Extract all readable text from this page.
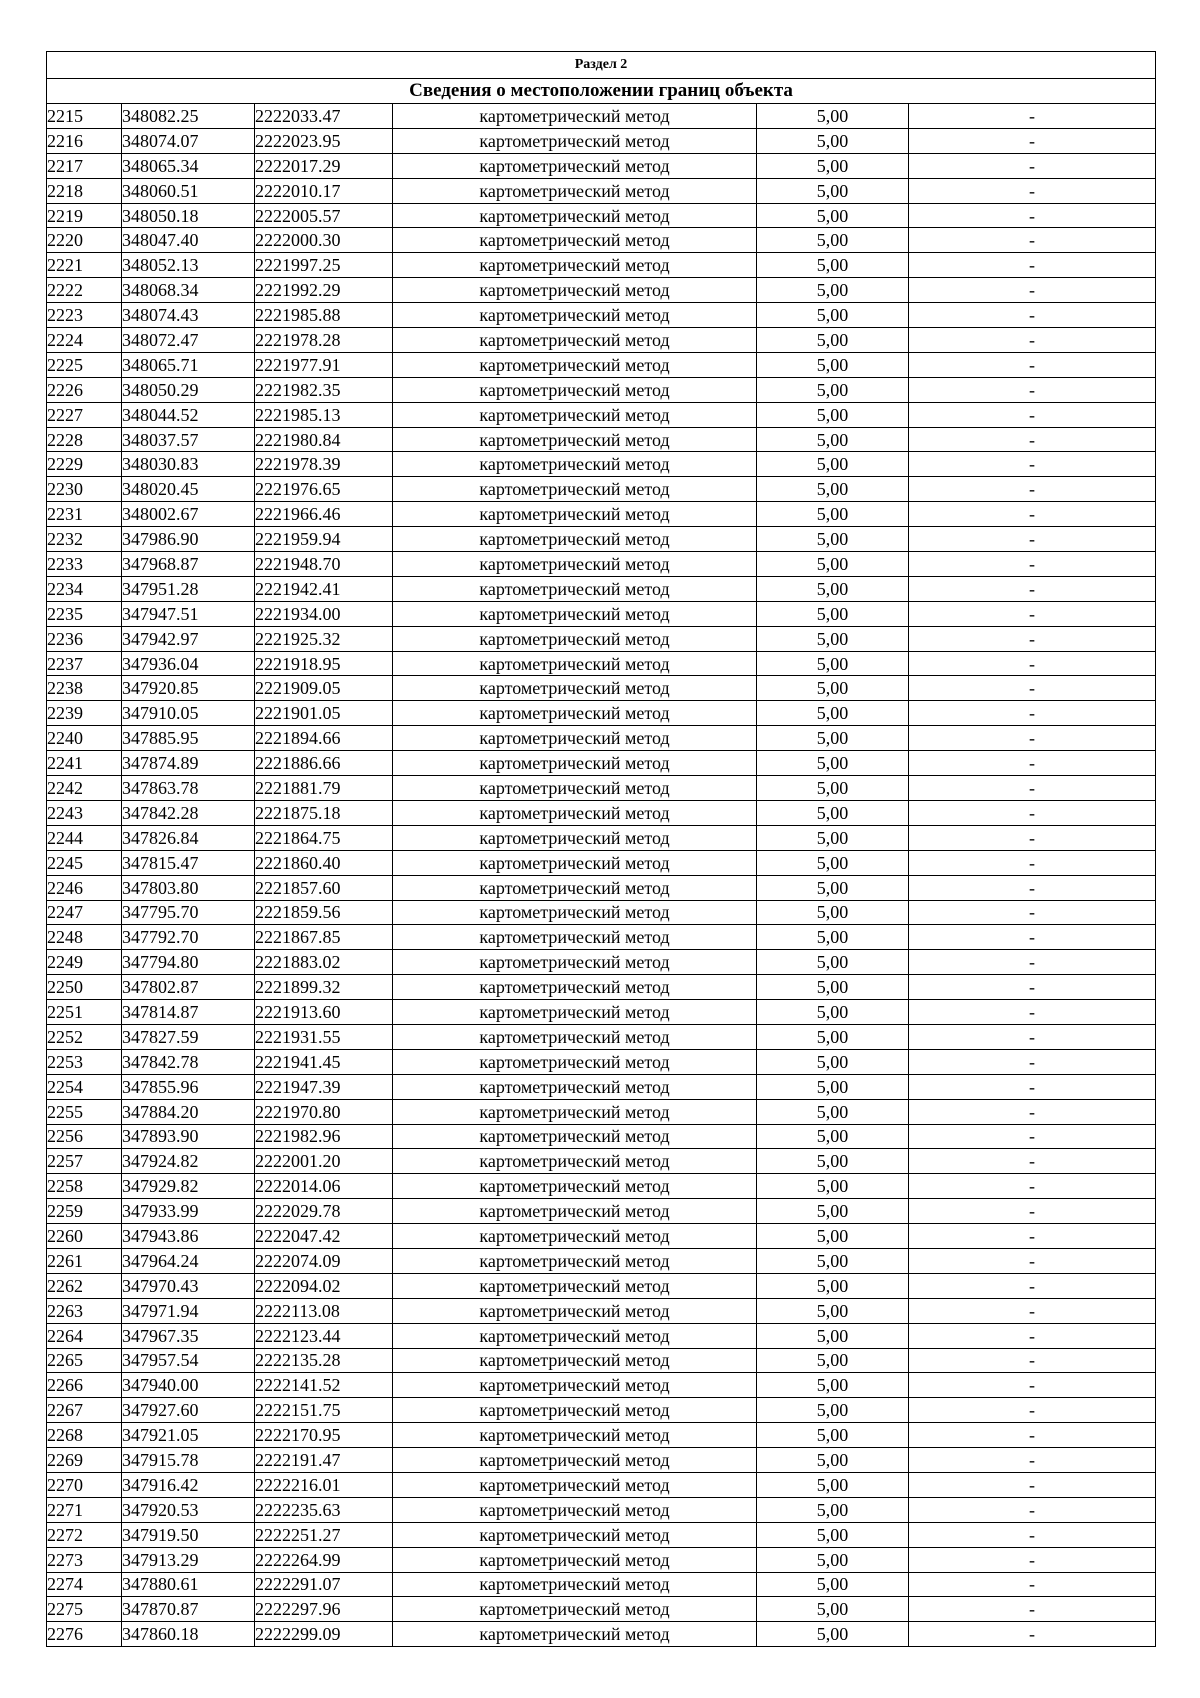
Раздел 2					
Сведения о местоположении границ объекта					
2215	348082.25	2222033.47	картометрический метод	5,00	-
2216	348074.07	2222023.95	картометрический метод	5,00	-
2217	348065.34	2222017.29	картометрический метод	5,00	-
2218	348060.51	2222010.17	картометрический метод	5,00	-
2219	348050.18	2222005.57	картометрический метод	5,00	-
2220	348047.40	2222000.30	картометрический метод	5,00	-
2221	348052.13	2221997.25	картометрический метод	5,00	-
2222	348068.34	2221992.29	картометрический метод	5,00	-
2223	348074.43	2221985.88	картометрический метод	5,00	-
2224	348072.47	2221978.28	картометрический метод	5,00	-
2225	348065.71	2221977.91	картометрический метод	5,00	-
2226	348050.29	2221982.35	картометрический метод	5,00	-
2227	348044.52	2221985.13	картометрический метод	5,00	-
2228	348037.57	2221980.84	картометрический метод	5,00	-
2229	348030.83	2221978.39	картометрический метод	5,00	-
2230	348020.45	2221976.65	картометрический метод	5,00	-
2231	348002.67	2221966.46	картометрический метод	5,00	-
2232	347986.90	2221959.94	картометрический метод	5,00	-
2233	347968.87	2221948.70	картометрический метод	5,00	-
2234	347951.28	2221942.41	картометрический метод	5,00	-
2235	347947.51	2221934.00	картометрический метод	5,00	-
2236	347942.97	2221925.32	картометрический метод	5,00	-
2237	347936.04	2221918.95	картометрический метод	5,00	-
2238	347920.85	2221909.05	картометрический метод	5,00	-
2239	347910.05	2221901.05	картометрический метод	5,00	-
2240	347885.95	2221894.66	картометрический метод	5,00	-
2241	347874.89	2221886.66	картометрический метод	5,00	-
2242	347863.78	2221881.79	картометрический метод	5,00	-
2243	347842.28	2221875.18	картометрический метод	5,00	-
2244	347826.84	2221864.75	картометрический метод	5,00	-
2245	347815.47	2221860.40	картометрический метод	5,00	-
2246	347803.80	2221857.60	картометрический метод	5,00	-
2247	347795.70	2221859.56	картометрический метод	5,00	-
2248	347792.70	2221867.85	картометрический метод	5,00	-
2249	347794.80	2221883.02	картометрический метод	5,00	-
2250	347802.87	2221899.32	картометрический метод	5,00	-
2251	347814.87	2221913.60	картометрический метод	5,00	-
2252	347827.59	2221931.55	картометрический метод	5,00	-
2253	347842.78	2221941.45	картометрический метод	5,00	-
2254	347855.96	2221947.39	картометрический метод	5,00	-
2255	347884.20	2221970.80	картометрический метод	5,00	-
2256	347893.90	2221982.96	картометрический метод	5,00	-
2257	347924.82	2222001.20	картометрический метод	5,00	-
2258	347929.82	2222014.06	картометрический метод	5,00	-
2259	347933.99	2222029.78	картометрический метод	5,00	-
2260	347943.86	2222047.42	картометрический метод	5,00	-
2261	347964.24	2222074.09	картометрический метод	5,00	-
2262	347970.43	2222094.02	картометрический метод	5,00	-
2263	347971.94	2222113.08	картометрический метод	5,00	-
2264	347967.35	2222123.44	картометрический метод	5,00	-
2265	347957.54	2222135.28	картометрический метод	5,00	-
2266	347940.00	2222141.52	картометрический метод	5,00	-
2267	347927.60	2222151.75	картометрический метод	5,00	-
2268	347921.05	2222170.95	картометрический метод	5,00	-
2269	347915.78	2222191.47	картометрический метод	5,00	-
2270	347916.42	2222216.01	картометрический метод	5,00	-
2271	347920.53	2222235.63	картометрический метод	5,00	-
2272	347919.50	2222251.27	картометрический метод	5,00	-
2273	347913.29	2222264.99	картометрический метод	5,00	-
2274	347880.61	2222291.07	картометрический метод	5,00	-
2275	347870.87	2222297.96	картометрический метод	5,00	-
2276	347860.18	2222299.09	картометрический метод	5,00	-
